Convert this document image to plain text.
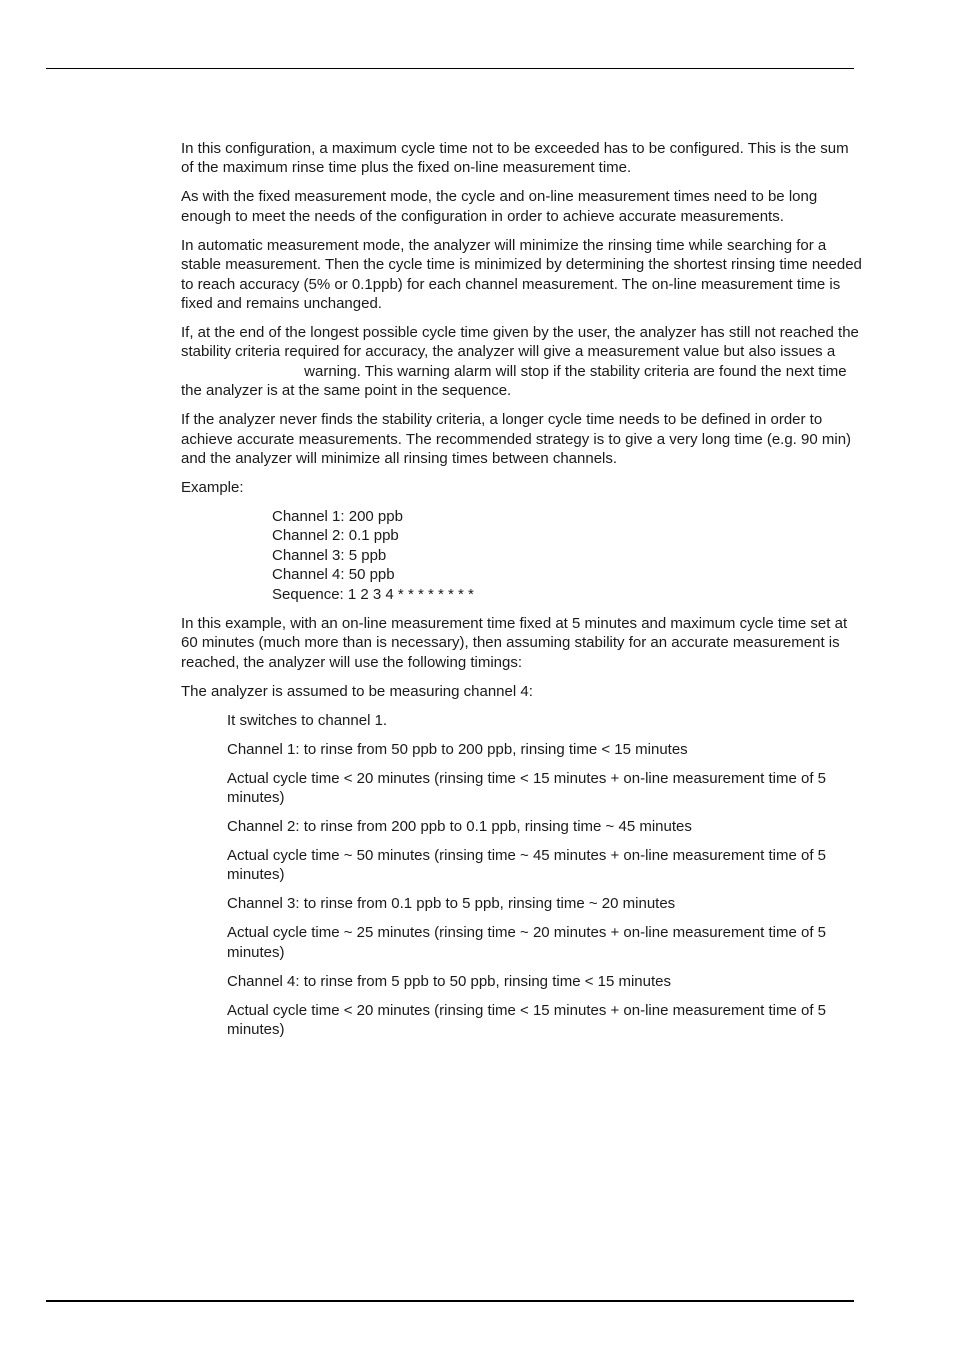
In this configuration, a maximum cycle time not to be exceeded has to be configured. This is the sum of the maximum rinse time plus the fixed on-line measurement time.

As with the fixed measurement mode, the cycle and on-line measurement times need to be long enough to meet the needs of the configuration in order to achieve accurate measurements.

In automatic measurement mode, the analyzer will minimize the rinsing time while searching for a stable measurement. Then the cycle time is minimized by determining the shortest rinsing time needed to reach accuracy (5% or 0.1ppb) for each channel measurement. The on-line measurement time is fixed and remains unchanged.

If, at the end of the longest possible cycle time given by the user, the analyzer has still not reached the stability criteria required for accuracy, the analyzer will give a measurement value but also issues a  warning. This warning alarm will stop if the stability criteria are found the next time the analyzer is at the same point in the sequence.

If the analyzer never finds the stability criteria, a longer cycle time needs to be defined in order to achieve accurate measurements. The recommended strategy is to give a very long time (e.g. 90 min) and the analyzer will minimize all rinsing times between channels.

Example:

Channel 1: 200 ppb
Channel 2: 0.1 ppb
Channel 3: 5 ppb
Channel 4: 50 ppb
Sequence: 1 2 3 4 * * * * * * * *

In this example, with an on-line measurement time fixed at 5 minutes and maximum cycle time set at 60 minutes (much more than is necessary), then assuming stability for an accurate measurement is reached, the analyzer will use the following timings:

The analyzer is assumed to be measuring channel 4:

It switches to channel 1.

Channel 1: to rinse from 50 ppb to 200 ppb, rinsing time < 15 minutes

Actual cycle time < 20 minutes (rinsing time < 15 minutes + on-line measurement time of 5 minutes)

Channel 2: to rinse from 200 ppb to 0.1 ppb, rinsing time ~ 45 minutes

Actual cycle time ~ 50 minutes (rinsing time ~ 45 minutes + on-line measurement time of 5 minutes)

Channel 3: to rinse from 0.1 ppb to 5 ppb, rinsing time ~ 20 minutes

Actual cycle time ~ 25 minutes (rinsing time ~ 20 minutes + on-line measurement time of 5 minutes)

Channel 4: to rinse from 5 ppb to 50 ppb, rinsing time < 15 minutes

Actual cycle time < 20 minutes (rinsing time < 15 minutes + on-line measurement time of 5 minutes)
